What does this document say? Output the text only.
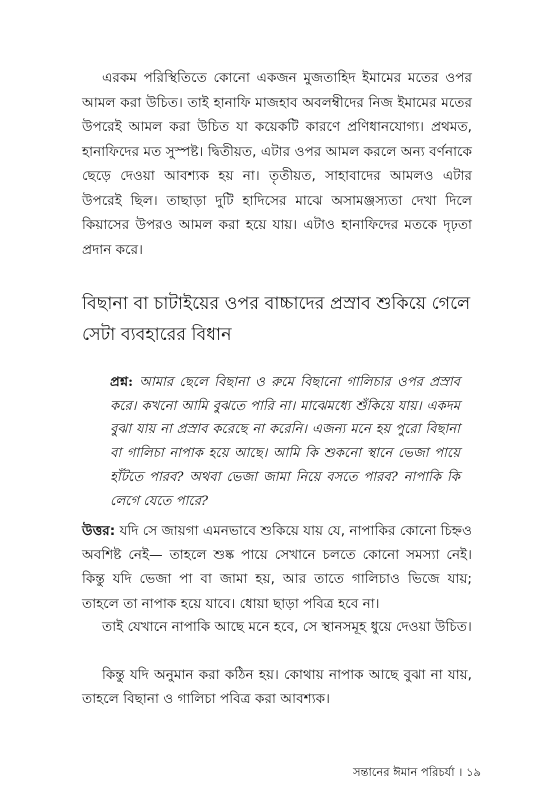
এরকম পরিস্থিতিতে কোনো একজন মুজতাহিদ ইমামের মতের ওপর আমল করা উচিত। তাই হানাফি মাজহাব অবলম্বীদের নিজ ইমামের মতের উপরেই আমল করা উচিত যা কয়েকটি কারণে প্রণিধানযোগ্য। প্রথমত, হানাফিদের মত সুস্পষ্ট। দ্বিতীয়ত, এটার ওপর আমল করলে অন্য বর্ণনাকে ছেড়ে দেওয়া আবশ্যক হয় না। তৃতীয়ত, সাহাবাদের আমলও এটার উপরেই ছিল। তাছাড়া দুটি হাদিসের মাঝে অসামঞ্জস্যতা দেখা দিলে কিয়াসের উপরও আমল করা হয়ে যায়। এটাও হানাফিদের মতকে দৃঢ়তা প্রদান করে।

বিছানা বা চাটাইয়ের ওপর বাচ্চাদের প্রস্রাব শুকিয়ে গেলে সেটা ব্যবহারের বিধান

প্রশ্ন: আমার ছেলে বিছানা ও রুমে বিছানো গালিচার ওপর প্রস্রাব করে। কখনো আমি বুঝতে পারি না। মাঝেমধ্যে শুঁকিয়ে যায়। একদম বুঝা যায় না প্রস্রাব করেছে না করেনি। এজন্য মনে হয় পুরো বিছানা বা গালিচা নাপাক হয়ে আছে। আমি কি শুকনো স্থানে ভেজা পায়ে হাঁটতে পারব? অথবা ভেজা জামা নিয়ে বসতে পারব? নাপাকি কি লেগে যেতে পারে?

উত্তর: যদি সে জায়গা এমনভাবে শুকিয়ে যায় যে, নাপাকির কোনো চিহ্নও অবশিষ্ট নেই— তাহলে শুষ্ক পায়ে সেখানে চলতে কোনো সমস্যা নেই। কিন্তু যদি ভেজা পা বা জামা হয়, আর তাতে গালিচাও ভিজে যায়; তাহলে তা নাপাক হয়ে যাবে। ধোয়া ছাড়া পবিত্র হবে না।

তাই যেখানে নাপাকি আছে মনে হবে, সে স্থানসমূহ ধুয়ে দেওয়া উচিত।

কিন্তু যদি অনুমান করা কঠিন হয়। কোথায় নাপাক আছে বুঝা না যায়, তাহলে বিছানা ও গালিচা পবিত্র করা আবশ্যক।

সন্তানের ঈমান পরিচর্যা । ১৯
